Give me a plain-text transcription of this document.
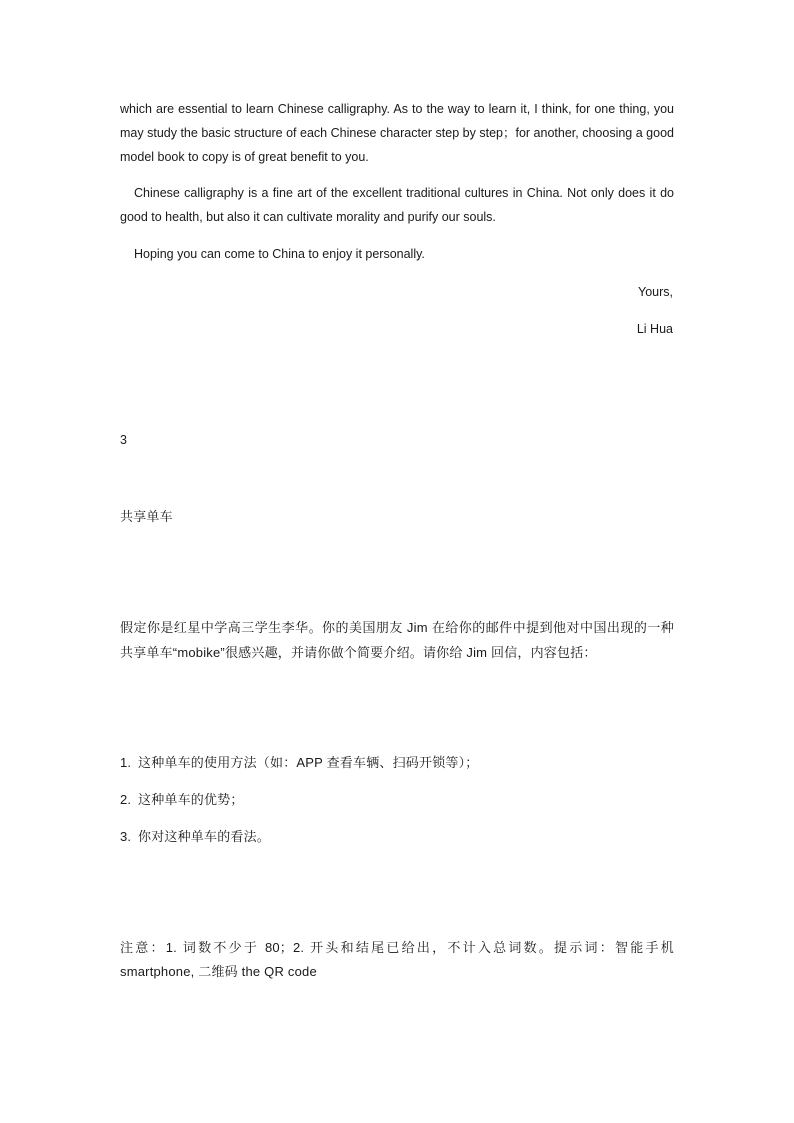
which are essential to learn Chinese calligraphy. As to the way to learn it, I think, for one thing, you may study the basic structure of each Chinese character step by step；for another, choosing a good model book to copy is of great benefit to you.

Chinese calligraphy is a fine art of the excellent traditional cultures in China. Not only does it do good to health, but also it can cultivate morality and purify our souls.

Hoping you can come to China to enjoy it personally.

Yours,

Li Hua

3

共享单车

假定你是红星中学高三学生李华。你的美国朋友 Jim 在给你的邮件中提到他对中国出现的一种共享单车“mobike”很感兴趣，并请你做个简要介绍。请你给 Jim 回信，内容包括：

1. 这种单车的使用方法（如：APP 查看车辆、扫码开锁等）；

2. 这种单车的优势；

3. 你对这种单车的看法。

注意：1. 词数不少于 80；2. 开头和结尾已给出，不计入总词数。提示词：智能手机 smartphone, 二维码 the QR code
